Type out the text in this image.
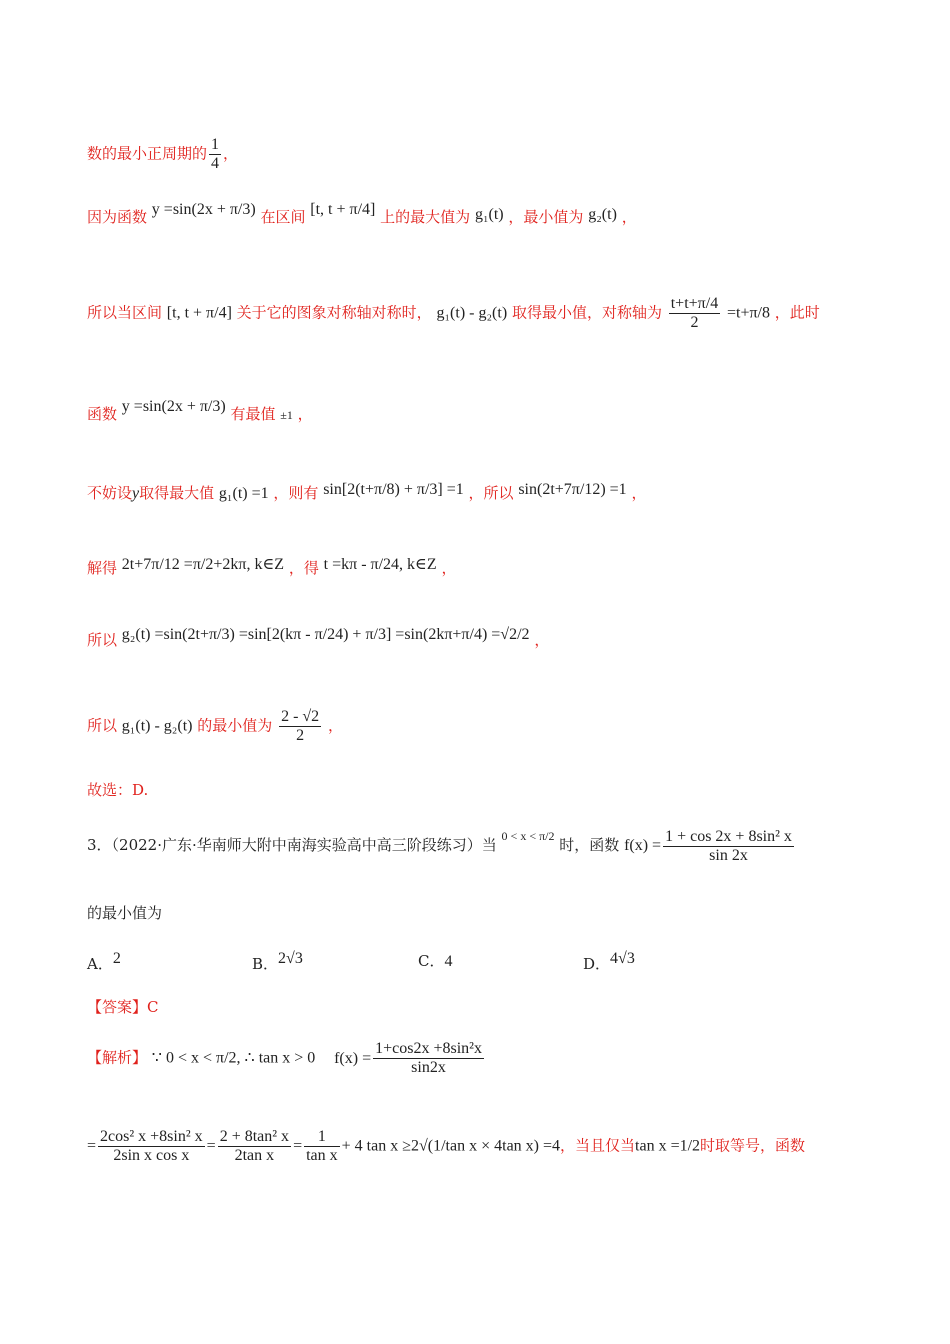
数的最小正周期的 $\frac{1}{4}$ ，
因为函数 y =sin(2x + π/3) 在区间 [t, t + π/4] 上的最大值为 g₁(t) ，最小值为 g₂(t) ，
所以当区间 [t, t + π/4] 关于它的图象对称轴对称时， g₁(t) - g₂(t) 取得最小值，对称轴为 $\frac{t+t+\pi/4}{2} =t+\pi/8$ ，此时
函数 y =sin(2x + π/3) 有最值 ±1 ，
不妨设y取得最大值 g₁(t) =1 ，则有 sin[2(t+π/8) + π/3] =1 ，所以 sin(2t+7π/12) =1 ，
解得 2t+7π/12 =π/2+2kπ, k∈Z ，得 t =kπ - π/24, k∈Z ，
所以 g₂(t) =sin(2t+π/3) =sin[2(kπ - π/24) + π/3] =sin(2kπ+π/4) =√2/2 ，
所以 g₁(t) - g₂(t) 的最小值为 $\frac{2 - √2}{2}$ ，
故选：D.
3．（2022·广东·华南师大附中南海实验高中高三阶段练习）当 $^{0 < x < \pi/2}$ 时，函数 $f(x) = \frac{\text{1 + cos 2x + 8sin² x}}{\sin 2x}$
的最小值为
A．2	B．2√3	C．4	D．4√3
【答案】C
【解析】 ∵ 0 < x < π/2, ∴ tan x > 0 $f(x) = \frac{\text{1+cos2x +8sin²x}}{\sin 2x}$
= $\frac{\text{2cos² x +8sin² x}}{\text{2sin x cos x}} = \frac{\text{2 + 8tan² x}}{\text{2tan x}} = \frac{1}{\text{tan x}} + 4$ tan x ≥2√(1/tan x × 4tan x) =4，当且仅当tan x =1/2时取等号，函数
